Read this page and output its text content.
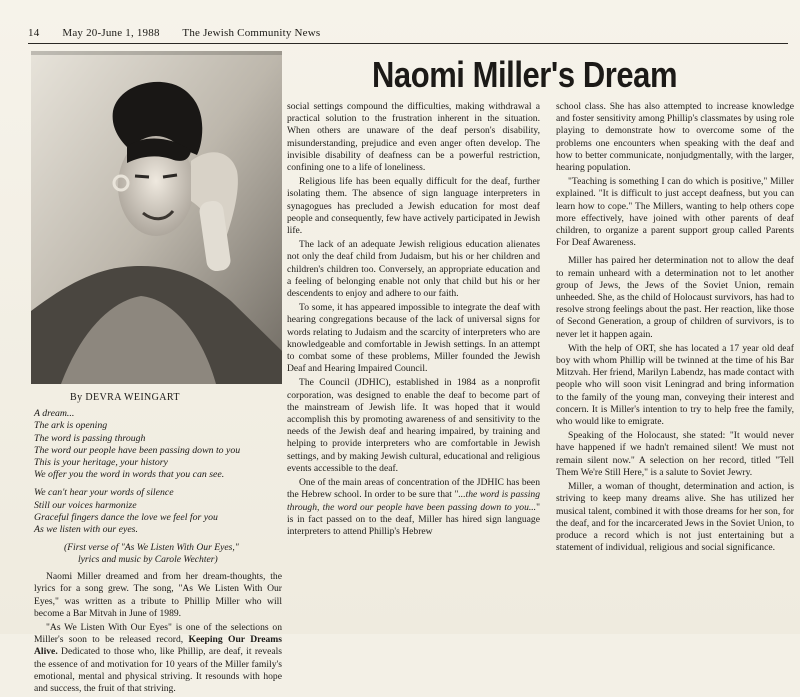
14 May 20-June 1, 1988 The Jewish Community News
Naomi Miller's Dream
By DEVRA WEINGART
A dream...
The ark is opening
The word is passing through
The word our people have been passing down to you
This is your heritage, your history
We offer you the word in words that you can see.
We can't hear your words of silence
Still our voices harmonize
Graceful fingers dance the love we feel for you
As we listen with our eyes.
(First verse of "As We Listen With Our Eyes,"
lyrics and music by Carole Wechter)

Naomi Miller dreamed and from her dream-thoughts, the lyrics for a song grew. The song, "As We Listen With Our Eyes," was written as a tribute to Phillip Miller who will become a Bar Mitvah in June of 1989.

"As We Listen With Our Eyes" is one of the selections on Miller's soon to be released record, Keeping Our Dreams Alive. Dedicated to those who, like Phillip, are deaf, it reveals the essence of and motivation for 10 years of the Miller family's emotional, mental and physical striving. It resounds with hope and success, the fruit of that striving.

social settings compound the difficulties, making withdrawal a practical solution to the frustration inherent in the situation. When others are unaware of the deaf person's disability, misunderstanding, prejudice and even anger often develop. The invisible disability of deafness can be a powerful restriction, confining one to a life of loneliness.

Religious life has been equally difficult for the deaf, further isolating them. The absence of sign language interpreters in synagogues has precluded a Jewish education for most deaf people and consequently, few have actively participated in Jewish life.

The lack of an adequate Jewish religious education alienates not only the deaf child from Judaism, but his or her children and children's children too. Conversely, an appropriate education and a feeling of belonging enable not only that child but his or her descendents to enjoy and adhere to our faith.

To some, it has appeared impossible to integrate the deaf with hearing congregations because of the lack of universal signs for words relating to Judaism and the scarcity of interpreters who are knowledgeable and comfortable in Jewish settings. In an attempt to combat some of these problems, Miller founded the Jewish Deaf and Hearing Impaired Council.

The Council (JDHIC), established in 1984 as a nonprofit corporation, was designed to enable the deaf to become part of the mainstream of Jewish life. It was hoped that it would accomplish this by promoting awareness of and sensitivity to the needs of the Jewish deaf and hearing impaired, by training and helping to provide interpreters who are comfortable in Jewish settings, and by making Jewish cultural, educational and religious events accessible to the deaf.

One of the main areas of concentration of the JDHIC has been the Hebrew school. In order to be sure that "...the word is passing through, the word our people have been passing down to you..." is in fact passed on to the deaf, Miller has hired sign language interpreters to attend Phillip's Hebrew

school class. She has also attempted to increase knowledge and foster sensitivity among Phillip's classmates by using role playing to demonstrate how to overcome some of the problems one encounters when speaking with the deaf and how to better communicate, nonjudgmentally, with the larger, hearing population.

"Teaching is something I can do which is positive," Miller explained. "It is difficult to just accept deafness, but you can learn how to cope." The Millers, wanting to help others cope more effectively, have joined with other parents of deaf children, to organize a parent support group called Parents For Deaf Awareness.

Miller has paired her determination not to allow the deaf to remain unheard with a determination not to let another group of Jews, the Jews of the Soviet Union, remain unheeded. She, as the child of Holocaust survivors, has had to resolve strong feelings about the past. Her reaction, like those of Second Generation, a group of children of survivors, is to never let it happen again.

With the help of ORT, she has located a 17 year old deaf boy with whom Phillip will be twinned at the time of his Bar Mitzvah. Her friend, Marilyn Labendz, has made contact with people who will soon visit Leningrad and bring information to the family of the young man, conveying their interest and concern. It is Miller's intention to try to help free the family, who would like to emigrate.

Speaking of the Holocaust, she stated: "It would never have happened if we hadn't remained silent! We must not remain silent now." A selection on her record, titled "Tell Them We're Still Here," is a salute to Soviet Jewry.

Miller, a woman of thought, determination and action, is striving to keep many dreams alive. She has utilized her musical talent, combined it with those dreams for her son, for the deaf, and for the incarcerated Jews in the Soviet Union, to produce a record which is not just entertaining but a statement of individual, religious and social significance.
